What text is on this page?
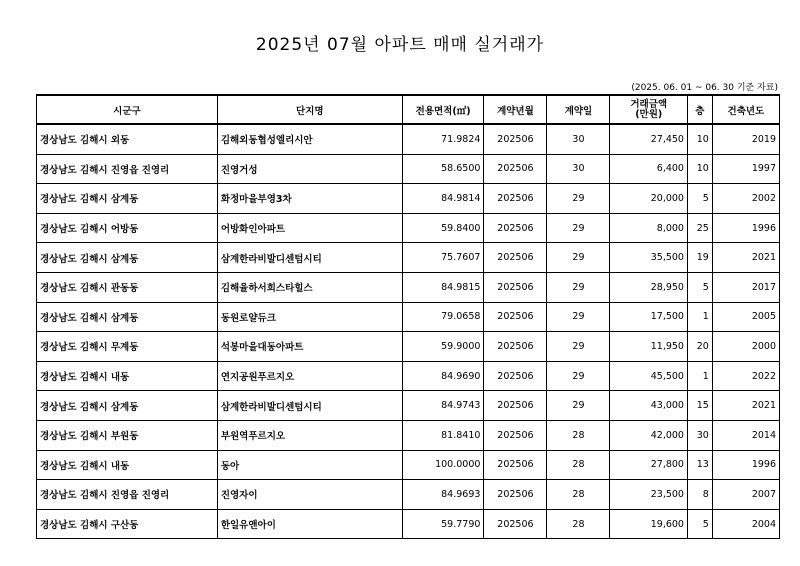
2025년 07월 아파트 매매 실거래가
(2025. 06. 01 ~ 06. 30 기준 자료)
시군구	단지명	전용면적(㎡)	계약년월	계약일	거래금액
(만원)	층	건축년도
경상남도 김해시 외동	김해외동협성엘리시안	71.9824	202506	30	27,450	10	2019
경상남도 김해시 진영읍 진영리	진영거성	58.6500	202506	30	6,400	10	1997
경상남도 김해시 삼계동	화정마을부영3차	84.9814	202506	29	20,000	5	2002
경상남도 김해시 어방동	어방화인아파트	59.8400	202506	29	8,000	25	1996
경상남도 김해시 삼계동	삼계한라비발디센텀시티	75.7607	202506	29	35,500	19	2021
경상남도 김해시 관동동	김해율하서희스타힐스	84.9815	202506	29	28,950	5	2017
경상남도 김해시 삼계동	동원로얄듀크	79.0658	202506	29	17,500	1	2005
경상남도 김해시 무계동	석봉마을대동아파트	59.9000	202506	29	11,950	20	2000
경상남도 김해시 내동	연지공원푸르지오	84.9690	202506	29	45,500	1	2022
경상남도 김해시 삼계동	삼계한라비발디센텀시티	84.9743	202506	29	43,000	15	2021
경상남도 김해시 부원동	부원역푸르지오	81.8410	202506	28	42,000	30	2014
경상남도 김해시 내동	동아	100.0000	202506	28	27,800	13	1996
경상남도 김해시 진영읍 진영리	진영자이	84.9693	202506	28	23,500	8	2007
경상남도 김해시 구산동	한일유앤아이	59.7790	202506	28	19,600	5	2004
